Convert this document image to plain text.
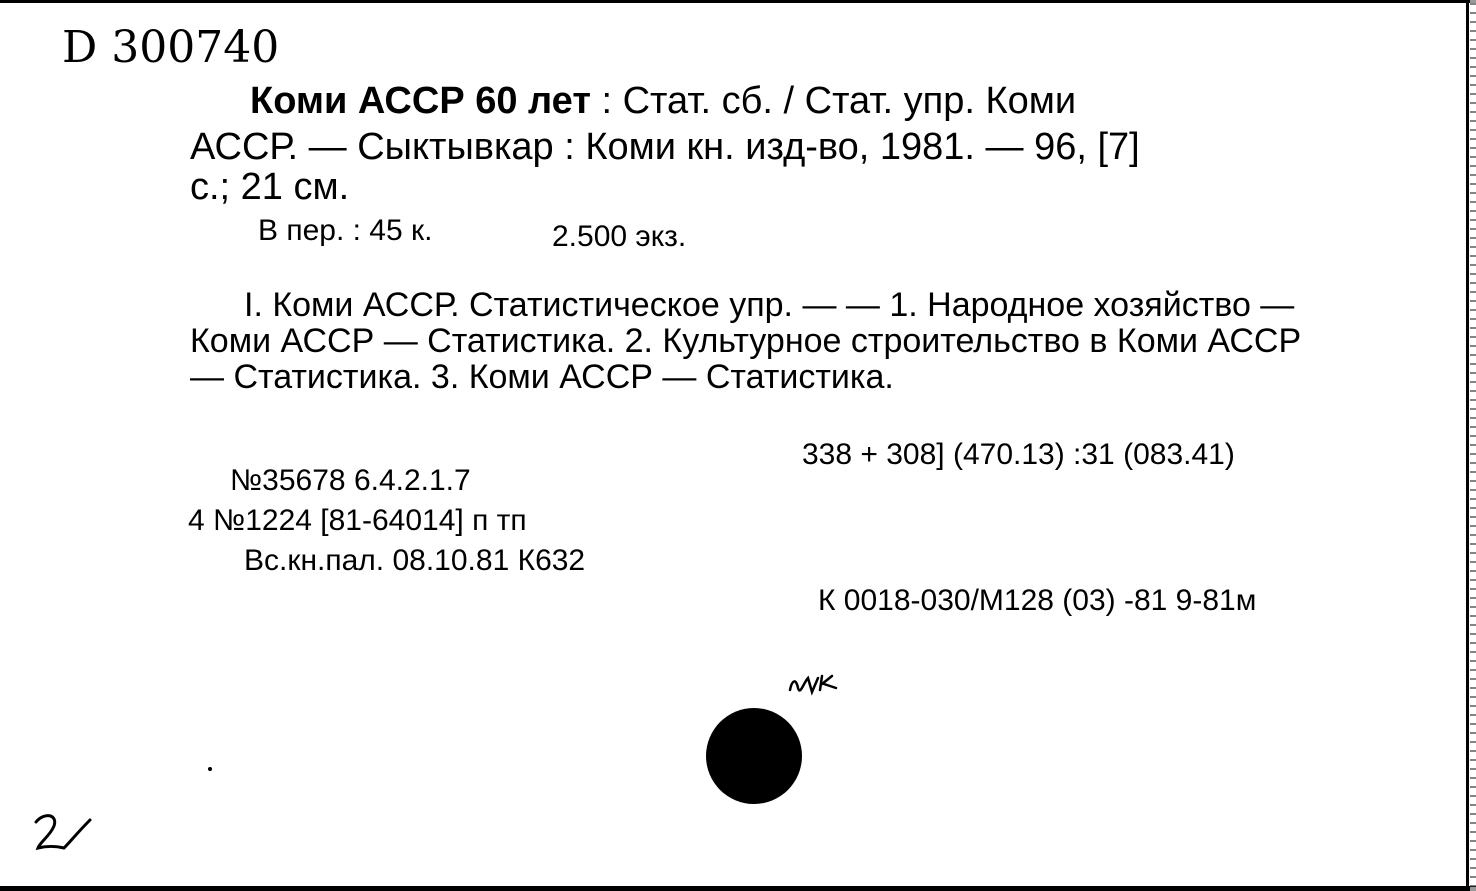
D 300740
Коми АССР 60 лет : Стат. сб. / Стат. упр. Коми
АССР. — Сыктывкар : Коми кн. изд-во, 1981. — 96, [7]
с.; 21 см.
В пер. : 45 к.	2.500 экз.
I. Коми АССР. Статистическое упр. — — 1. Народное хозяйство —
Коми АССР — Статистика. 2. Культурное строительство в Коми АССР
— Статистика. 3. Коми АССР — Статистика.
338 + 308] (470.13) :31 (083.41)
№35678 6.4.2.1.7
4 №1224 [81-64014] п тп
Вс.кн.пал. 08.10.81 К632
К 0018-030/М128 (03) -81 9-81м
